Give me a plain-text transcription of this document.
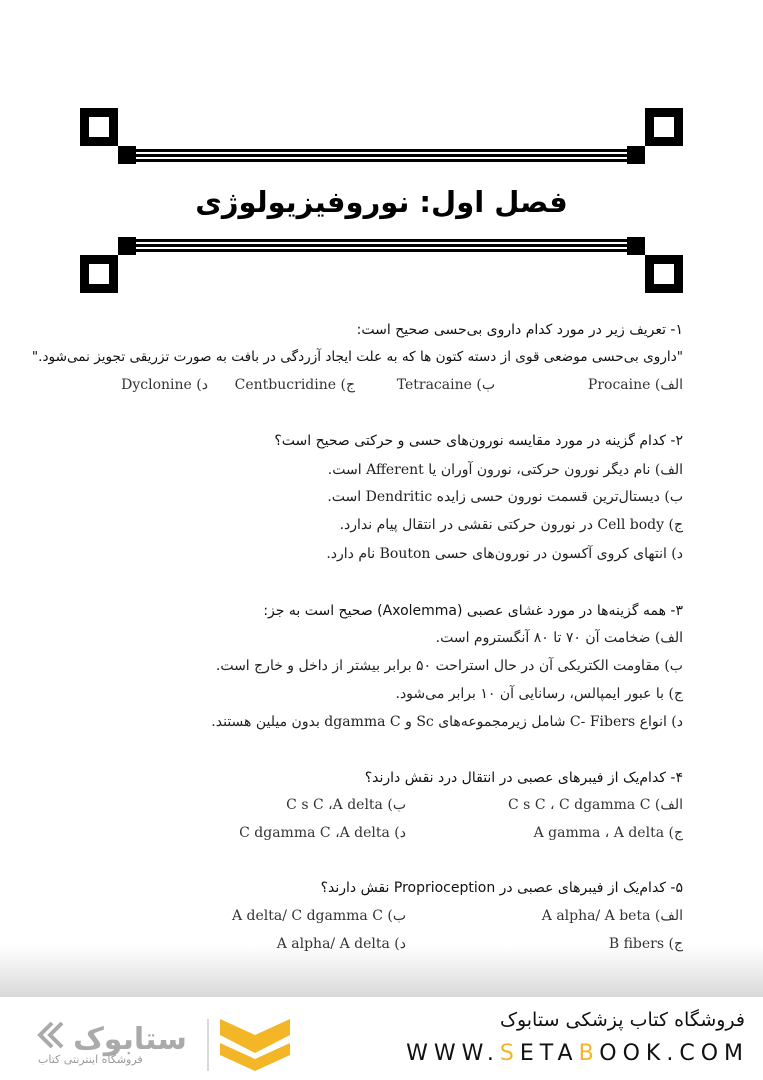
فصل اول: نوروفیزیولوژی
۱- تعریف زیر در مورد کدام داروی بی‌حسی صحیح است:
"داروی بی‌حسی موضعی قوی از دسته کتون ها که به علت ایجاد آزردگی در بافت به صورت تزریقی تجویز نمی‌شود."
الف) Procaine
ب) Tetracaine
ج) Centbucridine
د) Dyclonine
۲- کدام گزینه در مورد مقایسه نورون‌های حسی و حرکتی صحیح است؟
الف) نام دیگر نورون حرکتی، نورون آوران یا Afferent است.
ب) دیستال‌ترین قسمت نورون حسی زایده Dendritic است.
ج) Cell body در نورون حرکتی نقشی در انتقال پیام ندارد.
د) انتهای کروی آکسون در نورون‌های حسی Bouton نام دارد.
۳- همه گزینه‌ها در مورد غشای عصبی (Axolemma) صحیح است به جز:
الف) ضخامت آن ۷۰ تا ۸۰ آنگستروم است.
ب) مقاومت الکتریکی آن در حال استراحت ۵۰ برابر بیشتر از داخل و خارج است.
ج) با عبور ایمپالس، رسانایی آن ۱۰ برابر می‌شود.
د) انواع C- Fibers شامل زیرمجموعه‌های Sc و dgamma C بدون میلین هستند.
۴- کدام‌یک از فیبرهای عصبی در انتقال درد نقش دارند؟
الف) C s C ، C dgamma C
ب) C s C ،A delta
ج) A gamma ، A delta
د) C dgamma C ،A delta
۵- کدام‌یک از فیبرهای عصبی در Proprioception نقش دارند؟
الف) A alpha/ A beta
ب) A delta/ C dgamma C
ج) B fibers
د) A alpha/ A delta
ستابوک
فروشگاه اینترنتی کتاب
فروشگاه کتاب پزشکی ستابوک
WWW.SETABOOK.COM
